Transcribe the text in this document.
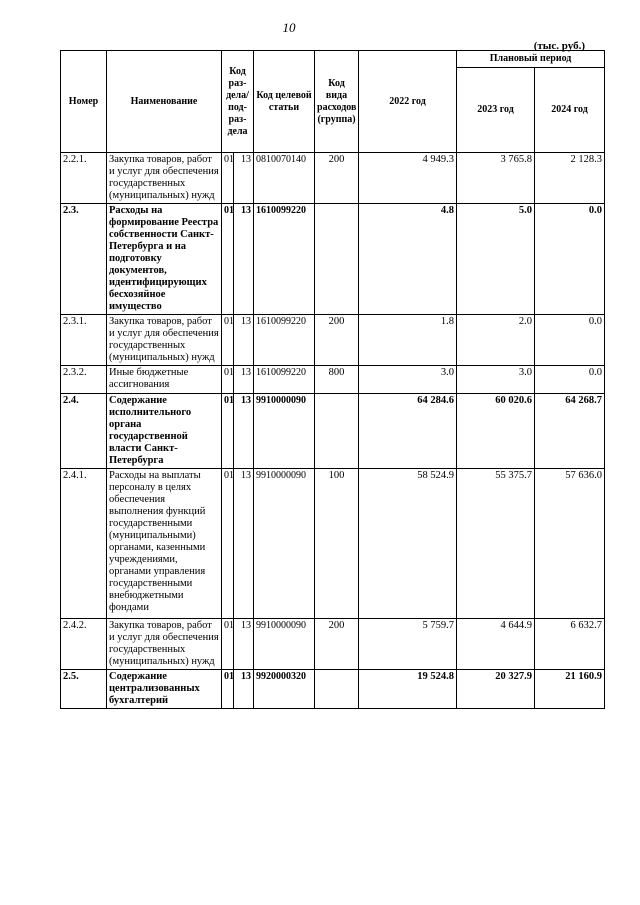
10
(тыс. руб.)
Номер	Наименование	Код раз-дела/ под-раз-дела		Код целевой статьи	Код вида расходов (группа)	2022 год	Плановый период	
							2023 год	2024 год
2.2.1.	Закупка товаров, работ и услуг для обеспечения государственных (муниципальных) нужд	01	13	0810070140	200	4 949.3	3 765.8	2 128.3
2.3.	Расходы на формирование Реестра собственности Санкт-Петербурга и на подготовку документов, идентифицирующих бесхозяйное имущество	01	13	1610099220		4.8	5.0	0.0
2.3.1.	Закупка товаров, работ и услуг для обеспечения государственных (муниципальных) нужд	01	13	1610099220	200	1.8	2.0	0.0
2.3.2.	Иные бюджетные ассигнования	01	13	1610099220	800	3.0	3.0	0.0
2.4.	Содержание исполнительного органа государственной власти Санкт-Петербурга	01	13	9910000090		64 284.6	60 020.6	64 268.7
2.4.1.	Расходы на выплаты персоналу в целях обеспечения выполнения функций государственными (муниципальными) органами, казенными учреждениями, органами управления государственными внебюджетными фондами	01	13	9910000090	100	58 524.9	55 375.7	57 636.0
2.4.2.	Закупка товаров, работ и услуг для обеспечения государственных (муниципальных) нужд	01	13	9910000090	200	5 759.7	4 644.9	6 632.7
2.5.	Содержание централизованных бухгалтерий	01	13	9920000320		19 524.8	20 327.9	21 160.9
